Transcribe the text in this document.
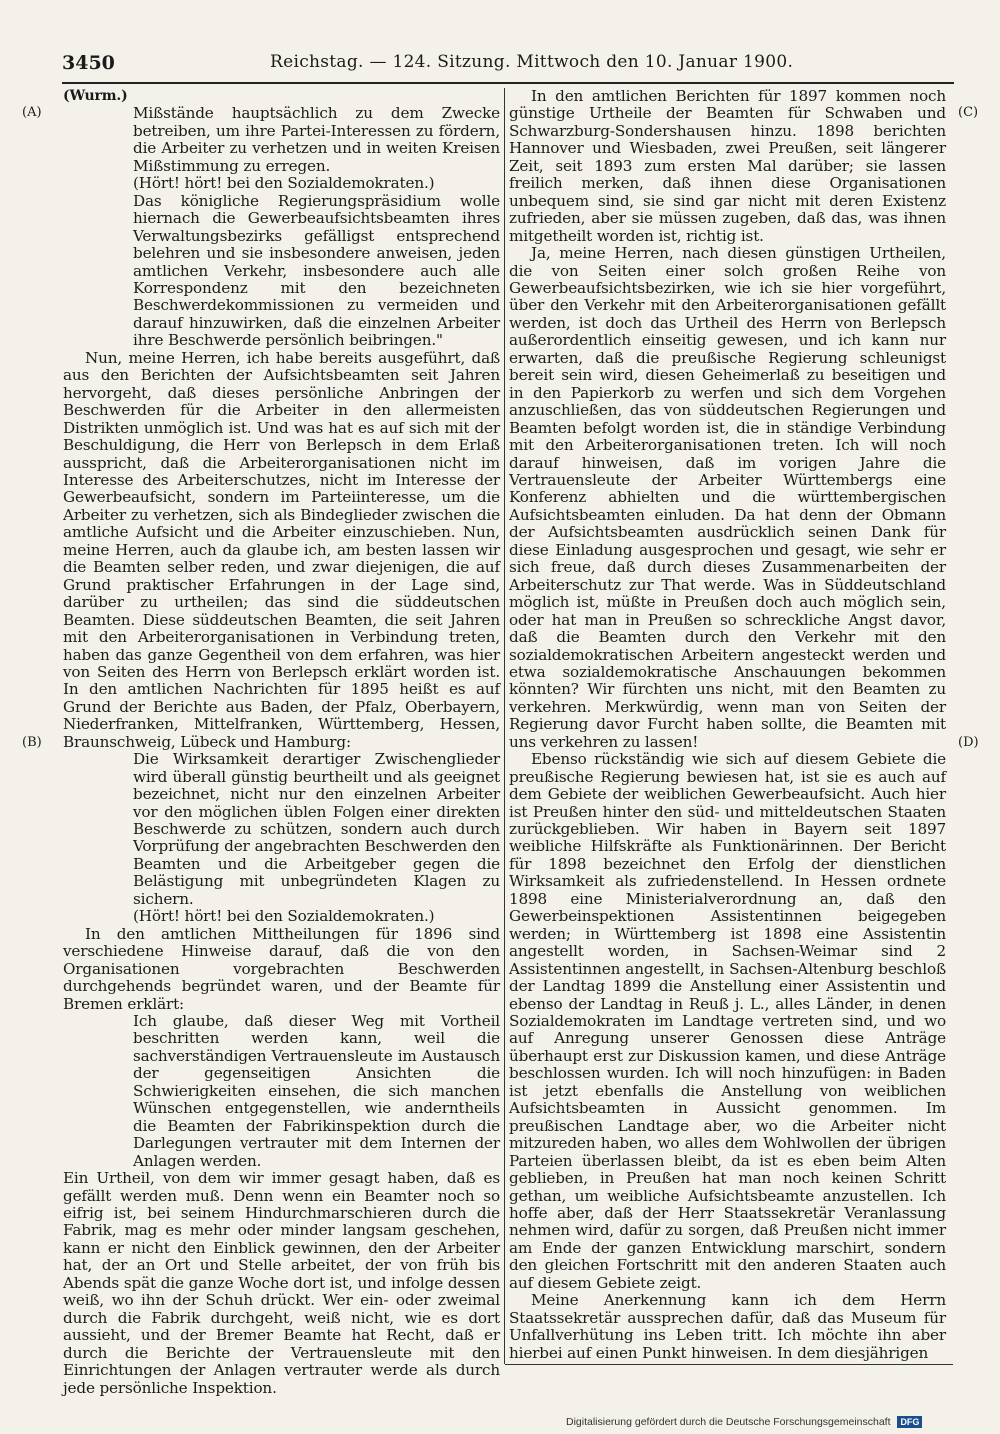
3450	Reichstag. — 124. Sitzung. Mittwoch den 10. Januar 1900.
(A)
(B)
(C)
(D)

(Wurm.)

Mißstände hauptsächlich zu dem Zwecke betreiben, um ihre Partei-Interessen zu fördern, die Arbeiter zu verhetzen und in weiten Kreisen Mißstimmung zu erregen.

(Hört! hört! bei den Sozialdemokraten.)

Das königliche Regierungspräsidium wolle hiernach die Gewerbeaufsichtsbeamten ihres Verwaltungsbezirks gefälligst entsprechend belehren und sie insbesondere anweisen, jeden amtlichen Verkehr, insbesondere auch alle Korrespondenz mit den bezeichneten Beschwerdekommissionen zu vermeiden und darauf hinzuwirken, daß die einzelnen Arbeiter ihre Beschwerde persönlich beibringen."

Nun, meine Herren, ich habe bereits ausgeführt, daß aus den Berichten der Aufsichtsbeamten seit Jahren hervorgeht, daß dieses persönliche Anbringen der Beschwerden für die Arbeiter in den allermeisten Distrikten unmöglich ist. Und was hat es auf sich mit der Beschuldigung, die Herr von Berlepsch in dem Erlaß ausspricht, daß die Arbeiterorganisationen nicht im Interesse des Arbeiterschutzes, nicht im Interesse der Gewerbeaufsicht, sondern im Parteiinteresse, um die Arbeiter zu verhetzen, sich als Bindeglieder zwischen die amtliche Aufsicht und die Arbeiter einzuschieben. Nun, meine Herren, auch da glaube ich, am besten lassen wir die Beamten selber reden, und zwar diejenigen, die auf Grund praktischer Erfahrungen in der Lage sind, darüber zu urtheilen; das sind die süddeutschen Beamten. Diese süddeutschen Beamten, die seit Jahren mit den Arbeiterorganisationen in Verbindung treten, haben das ganze Gegentheil von dem erfahren, was hier von Seiten des Herrn von Berlepsch erklärt worden ist. In den amtlichen Nachrichten für 1895 heißt es auf Grund der Berichte aus Baden, der Pfalz, Oberbayern, Niederfranken, Mittelfranken, Württemberg, Hessen, Braunschweig, Lübeck und Hamburg:

Die Wirksamkeit derartiger Zwischenglieder wird überall günstig beurtheilt und als geeignet bezeichnet, nicht nur den einzelnen Arbeiter vor den möglichen üblen Folgen einer direkten Beschwerde zu schützen, sondern auch durch Vorprüfung der angebrachten Beschwerden den Beamten und die Arbeitgeber gegen die Belästigung mit unbegründeten Klagen zu sichern.

(Hört! hört! bei den Sozialdemokraten.)

In den amtlichen Mittheilungen für 1896 sind verschiedene Hinweise darauf, daß die von den Organisationen vorgebrachten Beschwerden durchgehends begründet waren, und der Beamte für Bremen erklärt:

Ich glaube, daß dieser Weg mit Vortheil beschritten werden kann, weil die sachverständigen Vertrauensleute im Austausch der gegenseitigen Ansichten die Schwierigkeiten einsehen, die sich manchen Wünschen entgegenstellen, wie anderntheils die Beamten der Fabrikinspektion durch die Darlegungen vertrauter mit dem Internen der Anlagen werden.

Ein Urtheil, von dem wir immer gesagt haben, daß es gefällt werden muß. Denn wenn ein Beamter noch so eifrig ist, bei seinem Hindurchmarschieren durch die Fabrik, mag es mehr oder minder langsam geschehen, kann er nicht den Einblick gewinnen, den der Arbeiter hat, der an Ort und Stelle arbeitet, der von früh bis Abends spät die ganze Woche dort ist, und infolge dessen weiß, wo ihn der Schuh drückt. Wer ein- oder zweimal durch die Fabrik durchgeht, weiß nicht, wie es dort aussieht, und der Bremer Beamte hat Recht, daß er durch die Berichte der Vertrauensleute mit den Einrichtungen der Anlagen vertrauter werde als durch jede persönliche Inspektion.

In den amtlichen Berichten für 1897 kommen noch günstige Urtheile der Beamten für Schwaben und Schwarzburg-Sondershausen hinzu. 1898 berichten Hannover und Wiesbaden, zwei Preußen, seit längerer Zeit, seit 1893 zum ersten Mal darüber; sie lassen freilich merken, daß ihnen diese Organisationen unbequem sind, sie sind gar nicht mit deren Existenz zufrieden, aber sie müssen zugeben, daß das, was ihnen mitgetheilt worden ist, richtig ist.

Ja, meine Herren, nach diesen günstigen Urtheilen, die von Seiten einer solch großen Reihe von Gewerbeaufsichtsbezirken, wie ich sie hier vorgeführt, über den Verkehr mit den Arbeiterorganisationen gefällt werden, ist doch das Urtheil des Herrn von Berlepsch außerordentlich einseitig gewesen, und ich kann nur erwarten, daß die preußische Regierung schleunigst bereit sein wird, diesen Geheimerlaß zu beseitigen und in den Papierkorb zu werfen und sich dem Vorgehen anzuschließen, das von süddeutschen Regierungen und Beamten befolgt worden ist, die in ständige Verbindung mit den Arbeiterorganisationen treten. Ich will noch darauf hinweisen, daß im vorigen Jahre die Vertrauensleute der Arbeiter Württembergs eine Konferenz abhielten und die württembergischen Aufsichtsbeamten einluden. Da hat denn der Obmann der Aufsichtsbeamten ausdrücklich seinen Dank für diese Einladung ausgesprochen und gesagt, wie sehr er sich freue, daß durch dieses Zusammenarbeiten der Arbeiterschutz zur That werde. Was in Süddeutschland möglich ist, müßte in Preußen doch auch möglich sein, oder hat man in Preußen so schreckliche Angst davor, daß die Beamten durch den Verkehr mit den sozialdemokratischen Arbeitern angesteckt werden und etwa sozialdemokratische Anschauungen bekommen könnten? Wir fürchten uns nicht, mit den Beamten zu verkehren. Merkwürdig, wenn man von Seiten der Regierung davor Furcht haben sollte, die Beamten mit uns verkehren zu lassen!

Ebenso rückständig wie sich auf diesem Gebiete die preußische Regierung bewiesen hat, ist sie es auch auf dem Gebiete der weiblichen Gewerbeaufsicht. Auch hier ist Preußen hinter den süd- und mitteldeutschen Staaten zurückgeblieben. Wir haben in Bayern seit 1897 weibliche Hilfskräfte als Funktionärinnen. Der Bericht für 1898 bezeichnet den Erfolg der dienstlichen Wirksamkeit als zufriedenstellend. In Hessen ordnete 1898 eine Ministerialverordnung an, daß den Gewerbeinspektionen Assistentinnen beigegeben werden; in Württemberg ist 1898 eine Assistentin angestellt worden, in Sachsen-Weimar sind 2 Assistentinnen angestellt, in Sachsen-Altenburg beschloß der Landtag 1899 die Anstellung einer Assistentin und ebenso der Landtag in Reuß j. L., alles Länder, in denen Sozialdemokraten im Landtage vertreten sind, und wo auf Anregung unserer Genossen diese Anträge überhaupt erst zur Diskussion kamen, und diese Anträge beschlossen wurden. Ich will noch hinzufügen: in Baden ist jetzt ebenfalls die Anstellung von weiblichen Aufsichtsbeamten in Aussicht genommen. Im preußischen Landtage aber, wo die Arbeiter nicht mitzureden haben, wo alles dem Wohlwollen der übrigen Parteien überlassen bleibt, da ist es eben beim Alten geblieben, in Preußen hat man noch keinen Schritt gethan, um weibliche Aufsichtsbeamte anzustellen. Ich hoffe aber, daß der Herr Staatssekretär Veranlassung nehmen wird, dafür zu sorgen, daß Preußen nicht immer am Ende der ganzen Entwicklung marschirt, sondern den gleichen Fortschritt mit den anderen Staaten auch auf diesem Gebiete zeigt.

Meine Anerkennung kann ich dem Herrn Staatssekretär aussprechen dafür, daß das Museum für Unfallverhütung ins Leben tritt. Ich möchte ihn aber hierbei auf einen Punkt hinweisen. In dem diesjährigen

Digitalisierung gefördert durch die Deutsche Forschungsgemeinschaft DFG
